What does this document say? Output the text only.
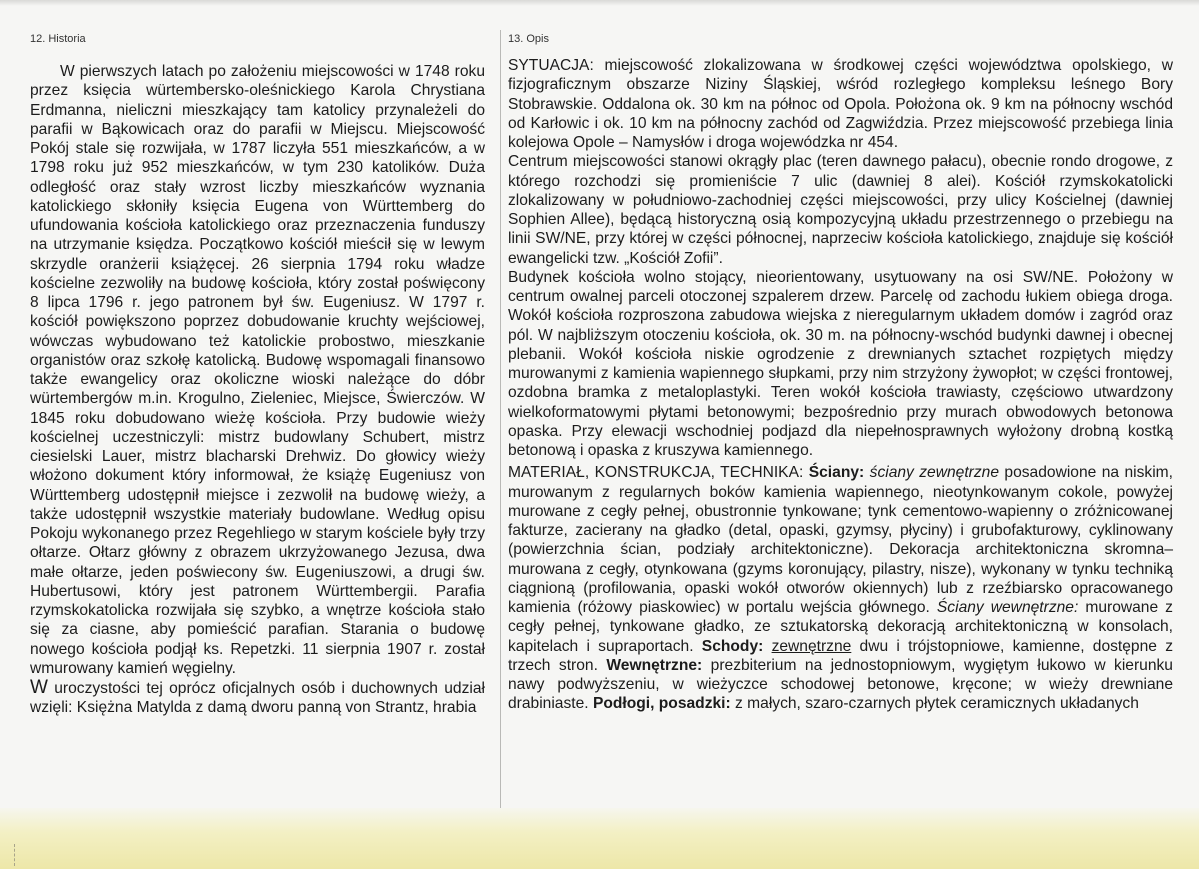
12. Historia	13. Opis

W pierwszych latach po założeniu miejscowości w 1748 roku przez księcia würtembersko-oleśnickiego Karola Chrystiana Erdmanna, nieliczni mieszkający tam katolicy przynależeli do parafii w Bąkowicach oraz do parafii w Miejscu. Miejscowość Pokój stale się rozwijała, w 1787 liczyła 551 mieszkańców, a w 1798 roku już 952 mieszkańców, w tym 230 katolików. Duża odległość oraz stały wzrost liczby mieszkańców wyznania katolickiego skłoniły księcia Eugena von Württemberg do ufundowania kościoła katolickiego oraz przeznaczenia funduszy na utrzymanie księdza. Początkowo kościół mieścił się w lewym skrzydle oranżerii książęcej. 26 sierpnia 1794 roku władze kościelne zezwoliły na budowę kościoła, który został poświęcony 8 lipca 1796 r. jego patronem był św. Eugeniusz. W 1797 r. kościół powiększono poprzez dobudowanie kruchty wejściowej, wówczas wybudowano też katolickie probostwo, mieszkanie organistów oraz szkołę katolicką. Budowę wspomagali finansowo także ewangelicy oraz okoliczne wioski należące do dóbr würtembergów m.in. Krogulno, Zieleniec, Miejsce, Świerczów. W 1845 roku dobudowano wieżę kościoła. Przy budowie wieży kościelnej uczestniczyli: mistrz budowlany Schubert, mistrz ciesielski Lauer, mistrz blacharski Drehwiz. Do głowicy wieży włożono dokument który informował, że książę Eugeniusz von Württemberg udostępnił miejsce i zezwolił na budowę wieży, a także udostępnił wszystkie materiały budowlane. Według opisu Pokoju wykonanego przez Regehliego w starym kościele były trzy ołtarze. Ołtarz główny z obrazem ukrzyżowanego Jezusa, dwa małe ołtarze, jeden poświecony św. Eugeniuszowi, a drugi św. Hubertusowi, który jest patronem Württembergii. Parafia rzymskokatolicka rozwijała się szybko, a wnętrze kościoła stało się za ciasne, aby pomieścić parafian. Starania o budowę nowego kościoła podjął ks. Repetzki. 11 sierpnia 1907 r. został wmurowany kamień węgielny.

W uroczystości tej oprócz oficjalnych osób i duchownych udział wzięli: Księżna Matylda z damą dworu panną von Strantz, hrabia

SYTUACJA: miejscowość zlokalizowana w środkowej części województwa opolskiego, w fizjograficznym obszarze Niziny Śląskiej, wśród rozległego kompleksu leśnego Bory Stobrawskie. Oddalona ok. 30 km na północ od Opola. Położona ok. 9 km na północny wschód od Karłowic i ok. 10 km na północny zachód od Zagwiździa. Przez miejscowość przebiega linia kolejowa Opole – Namysłów i droga wojewódzka nr 454.

Centrum miejscowości stanowi okrągły plac (teren dawnego pałacu), obecnie rondo drogowe, z którego rozchodzi się promieniście 7 ulic (dawniej 8 alei). Kościół rzymskokatolicki zlokalizowany w południowo-zachodniej części miejscowości, przy ulicy Kościelnej (dawniej Sophien Allee), będącą historyczną osią kompozycyjną układu przestrzennego o przebiegu na linii SW/NE, przy której w części północnej, naprzeciw kościoła katolickiego, znajduje się kościół ewangelicki tzw. „Kościół Zofii”.

Budynek kościoła wolno stojący, nieorientowany, usytuowany na osi SW/NE. Położony w centrum owalnej parceli otoczonej szpalerem drzew. Parcelę od zachodu łukiem obiega droga. Wokół kościoła rozproszona zabudowa wiejska z nieregularnym układem domów i zagród oraz pól. W najbliższym otoczeniu kościoła, ok. 30 m. na północny-wschód budynki dawnej i obecnej plebanii. Wokół kościoła niskie ogrodzenie z drewnianych sztachet rozpiętych między murowanymi z kamienia wapiennego słupkami, przy nim strzyżony żywopłot; w części frontowej, ozdobna bramka z metaloplastyki. Teren wokół kościoła trawiasty, częściowo utwardzony wielkoformatowymi płytami betonowymi; bezpośrednio przy murach obwodowych betonowa opaska. Przy elewacji wschodniej podjazd dla niepełnosprawnych wyłożony drobną kostką betonową i opaska z kruszywa kamiennego.

MATERIAŁ, KONSTRUKCJA, TECHNIKA: Ściany: ściany zewnętrzne posadowione na niskim, murowanym z regularnych boków kamienia wapiennego, nieotynkowanym cokole, powyżej murowane z cegły pełnej, obustronnie tynkowane; tynk cementowo-wapienny o zróżnicowanej fakturze, zacierany na gładko (detal, opaski, gzymsy, płyciny) i grubofakturowy, cyklinowany (powierzchnia ścian, podziały architektoniczne). Dekoracja architektoniczna skromna– murowana z cegły, otynkowana (gzyms koronujący, pilastry, nisze), wykonany w tynku techniką ciągnioną (profilowania, opaski wokół otworów okiennych) lub z rzeźbiarsko opracowanego kamienia (różowy piaskowiec) w portalu wejścia głównego. Ściany wewnętrzne: murowane z cegły pełnej, tynkowane gładko, ze sztukatorską dekoracją architektoniczną w konsolach, kapitelach i supraportach. Schody: zewnętrzne dwu i trójstopniowe, kamienne, dostępne z trzech stron. Wewnętrzne: prezbiterium na jednostopniowym, wygiętym łukowo w kierunku nawy podwyższeniu, w wieżyczce schodowej betonowe, kręcone; w wieży drewniane drabiniaste. Podłogi, posadzki: z małych, szaro-czarnych płytek ceramicznych układanych
